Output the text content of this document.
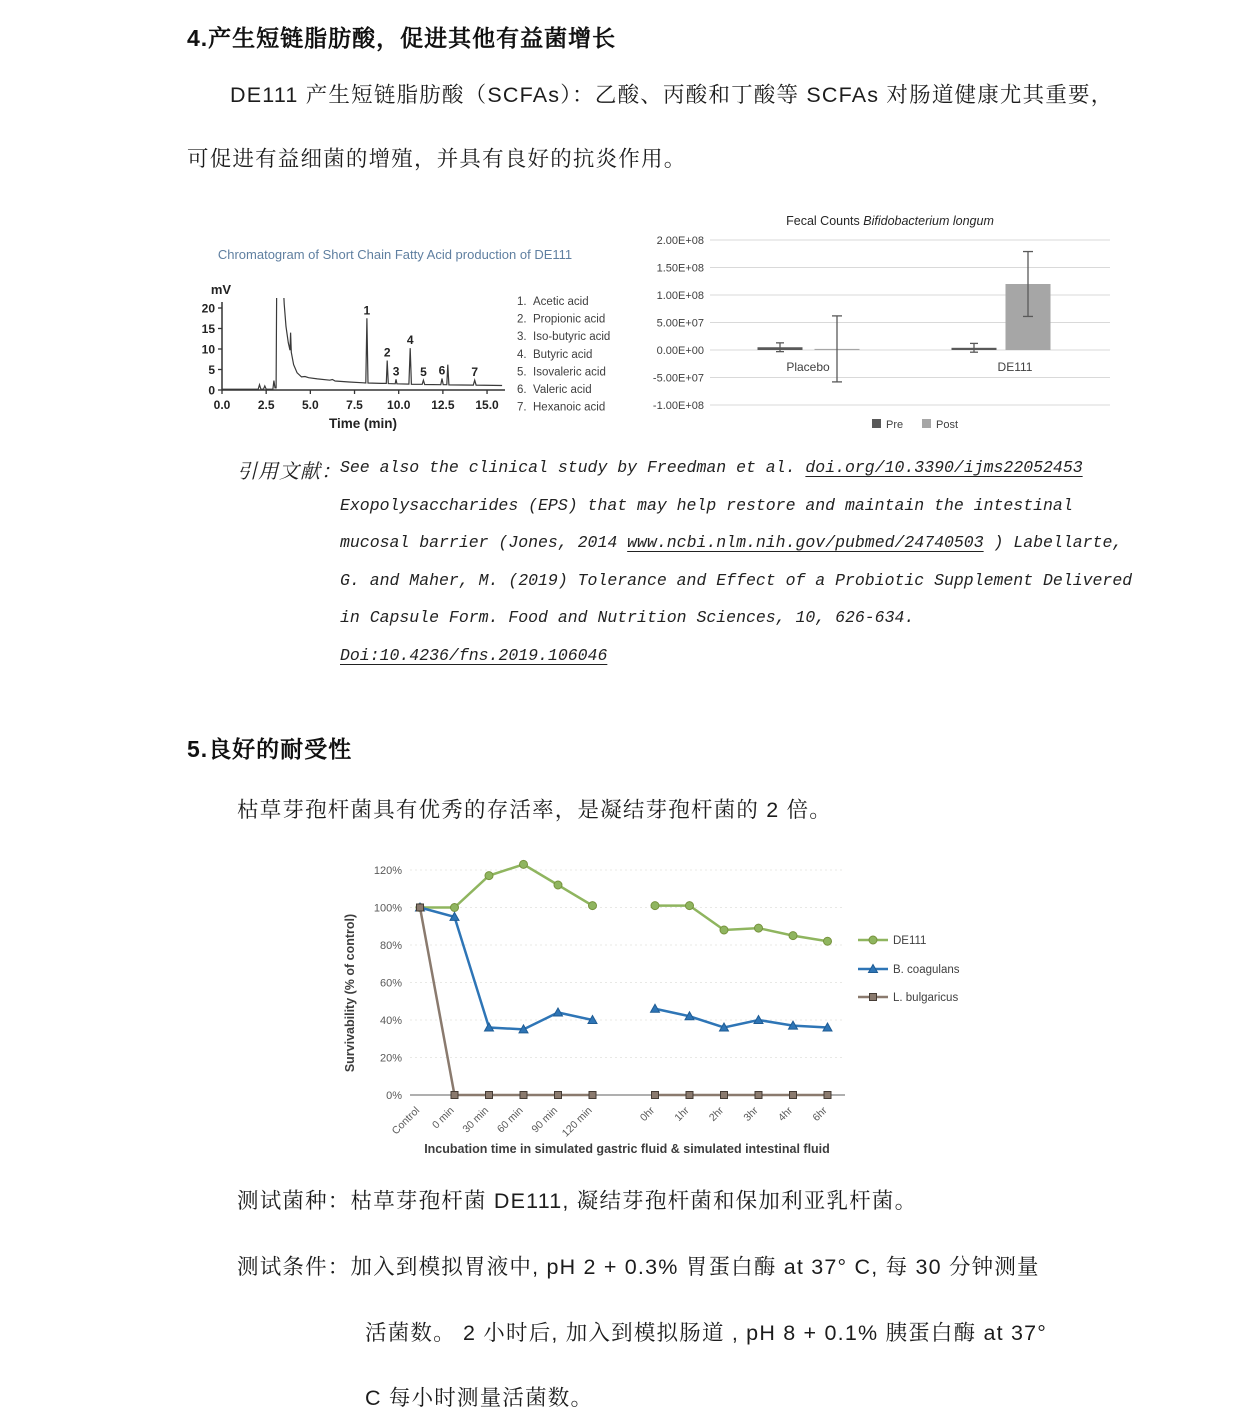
4.产生短链脂肪酸，促进其他有益菌增长
DE111 产生短链脂肪酸（SCFAs）：乙酸、丙酸和丁酸等 SCFAs 对肠道健康尤其重要，可促进有益细菌的增殖，并具有良好的抗炎作用。
Chromatogram of Short Chain Fatty Acid production of DE111
mV
0
5
10
15
20
0.0 2.5 5.0 7.5 10.0 12.5 15.0
Time (min)
1
2
3
4
5 6 7
1. Acetic acid
2. Propionic acid
3. Iso-butyric acid
4. Butyric acid
5. Isovaleric acid
6. Valeric acid
7. Hexanoic acid
Fecal Counts Bifidobacterium longum
2.00E+08
1.50E+08
1.00E+08
5.00E+07
0.00E+00
-5.00E+07
-1.00E+08
Placebo	DE111
Pre	Post
引用文献：
See also the clinical study by Freedman et al. doi.org/10.3390/ijms22052453
Exopolysaccharides (EPS) that may help restore and maintain the intestinal
mucosal barrier (Jones, 2014 www.ncbi.nlm.nih.gov/pubmed/24740503 ) Labellarte,
G. and Maher, M. (2019) Tolerance and Effect of a Probiotic Supplement Delivered
in Capsule Form. Food and Nutrition Sciences, 10, 626-634.
Doi:10.4236/fns.2019.106046
5.良好的耐受性
枯草芽孢杆菌具有优秀的存活率，是凝结芽孢杆菌的 2 倍。
Survivability (% of control)
0%
20%
40%
60%
80%
100%
120%
Control 0 min 30 min 60 min 90 min 120 min	0hr 1hr 2hr 3hr 4hr 6hr
Incubation time in simulated gastric fluid & simulated intestinal fluid
DE111
B. coagulans
L. bulgaricus
测试菌种：枯草芽孢杆菌 DE111, 凝结芽孢杆菌和保加利亚乳杆菌。
测试条件：加入到模拟胃液中, pH 2 + 0.3% 胃蛋白酶 at 37° C, 每 30 分钟测量
活菌数。 2 小时后, 加入到模拟肠道 , pH 8 + 0.1% 胰蛋白酶 at 37°
C 每小时测量活菌数。
